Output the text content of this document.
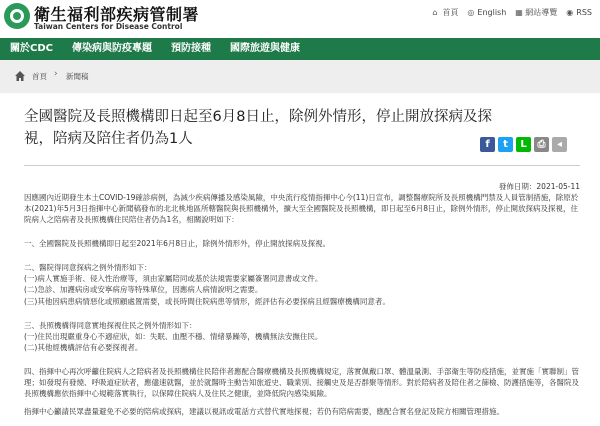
衛生福利部疾病管制署
Taiwan Centers for Disease Control
⌂ 首頁 ◎ English ▦ 網站導覽 ◉ RSS
關於CDC	傳染病與防疫專題	預防接種	國際旅遊與健康
首頁 › 新聞稿
全國醫院及長照機構即日起至6月8日止，除例外情形，停止開放探病及探視，陪病及陪住者仍為1人	f	t	L	⎙	◂
發佈日期：2021-05-11
因應國內近期發生本土COVID-19確診病例，為減少疾病傳播及感染風險，中央流行疫情指揮中心今(11)日宣布，調整醫療院所及長照機構門禁及人員管制措施，除原於本(2021)年5月3日指揮中心新聞稿發布的北北桃地區所轄醫院與長照機構外，擴大至全國醫院及長照機構，即日起至6月8日止，除例外情形，停止開放探病及探視，住院病人之陪病者及長照機構住民陪住者仍為1名，相關說明如下：
一、全國醫院及長照機構即日起至2021年6月8日止，除例外情形外，停止開放探病及探視。
二、醫院得同意探病之例外情形如下：
(一)病人實施手術、侵入性治療等，須由家屬陪同或基於法規需要家屬簽署同意書或文件。
(二)急診、加護病房或安寧病房等特殊單位，因應病人病情說明之需要。
(三)其他因病患病情惡化或照顧處置需要，或長時間住院病患等情形，經評估有必要探病且經醫療機構同意者。
三、長照機構得同意實地探視住民之例外情形如下：
(一)住民出現嚴重身心不適症狀，如：失眠、血壓不穩、情緒暴躁等，機構無法安撫住民。
(二)其他經機構評估有必要探視者。
四、指揮中心再次呼籲住院病人之陪病者及長照機構住民陪伴者應配合醫療機構及長照機構規定，落實佩戴口罩、體溫量測、手部衛生等防疫措施，並實施「實聯制」管理；如發現有發燒、呼吸道症狀者，應儘速就醫，並於就醫時主動告知旅遊史、職業別、接觸史及是否群聚等情形。對於陪病者及陪住者之篩檢、防護措施等，各醫院及長照機構應依指揮中心規範落實執行，以保障住院病人及住民之健康，並降低院內感染風險。
指揮中心籲請民眾盡量避免不必要的陪病或探病，建議以視訊或電話方式替代實地探視；若仍有陪病需要，應配合實名登記及院方相關管理措施。
